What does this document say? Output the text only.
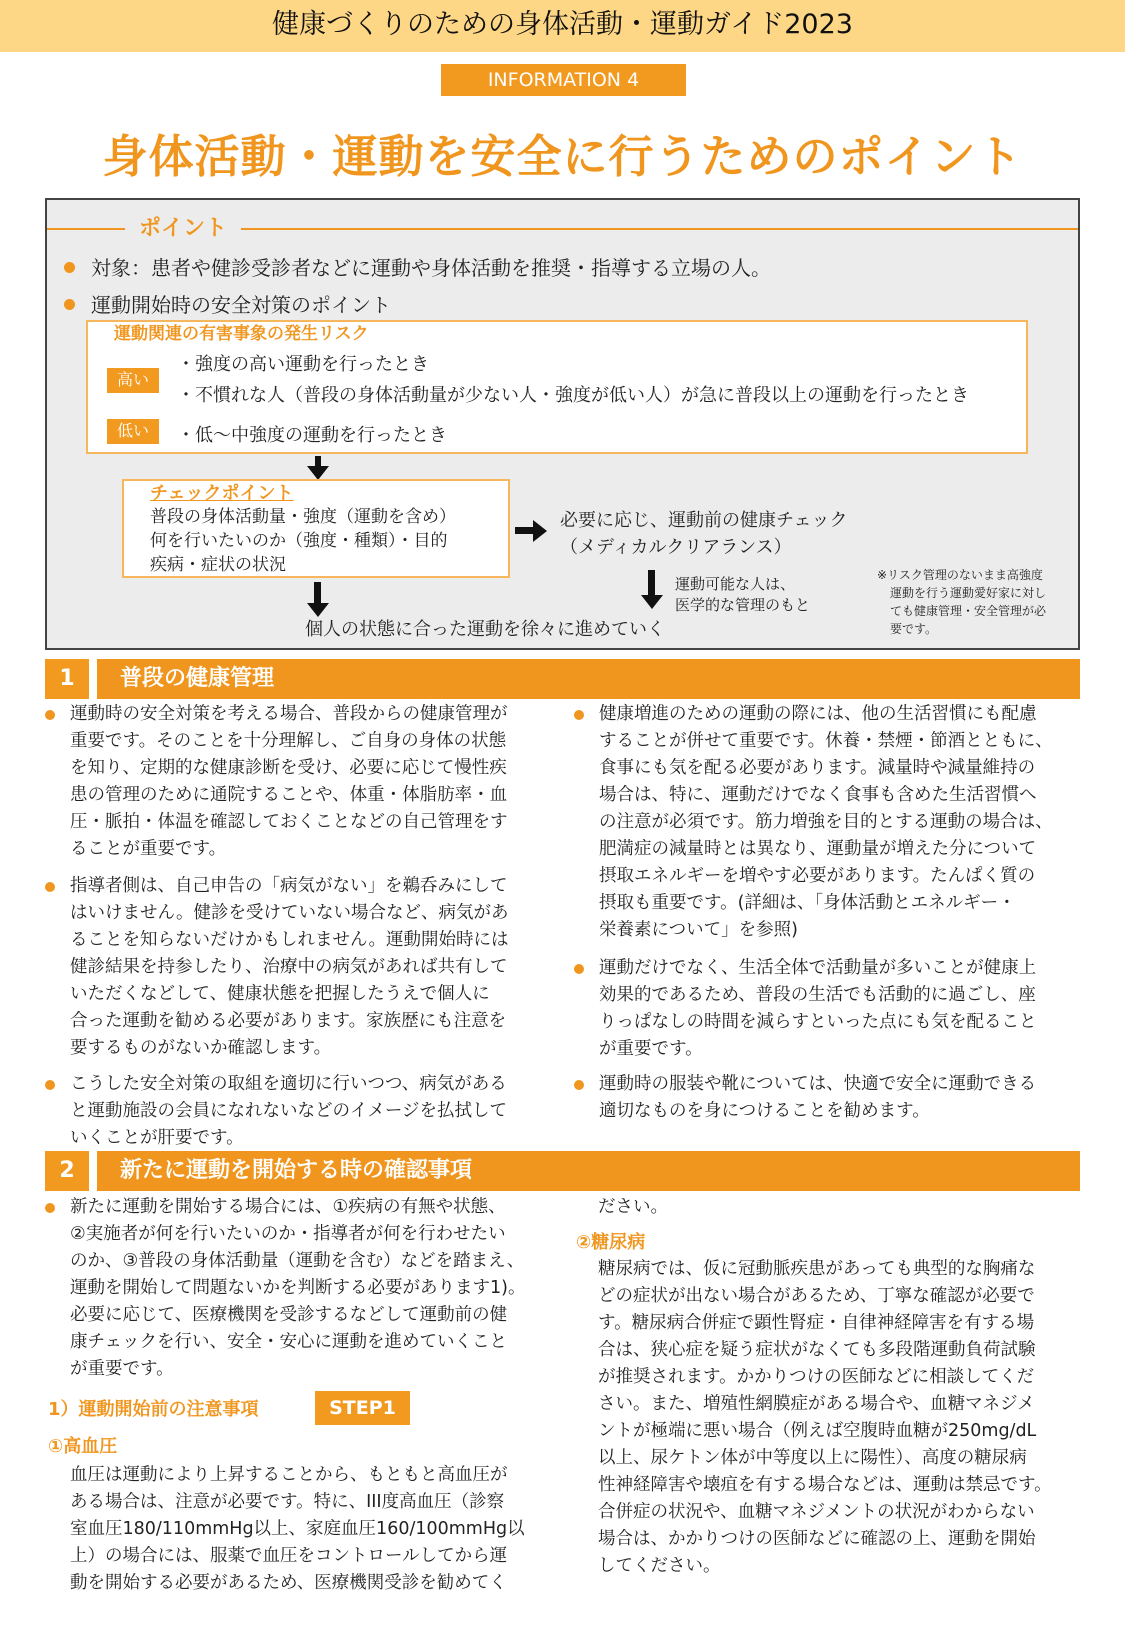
健康づくりのための身体活動・運動ガイド2023
INFORMATION 4
身体活動・運動を安全に行うためのポイント
ポイント
対象：患者や健診受診者などに運動や身体活動を推奨・指導する立場の人。
運動開始時の安全対策のポイント
運動関連の有害事象の発生リスク
高い
・強度の高い運動を行ったとき
・不慣れな人（普段の身体活動量が少ない人・強度が低い人）が急に普段以上の運動を行ったとき
低い	・低～中強度の運動を行ったとき
チェックポイント
普段の身体活動量・強度（運動を含め）
何を行いたいのか（強度・種類）・目的
疾病・症状の状況
必要に応じ、運動前の健康チェック
（メディカルクリアランス）
運動可能な人は、
医学的な管理のもと
個人の状態に合った運動を徐々に進めていく
※リスク管理のないまま高強度
運動を行う運動愛好家に対し
ても健康管理・安全管理が必
要です。
1	普段の健康管理
運動時の安全対策を考える場合、普段からの健康管理が
重要です。そのことを十分理解し、ご自身の身体の状態
を知り、定期的な健康診断を受け、必要に応じて慢性疾
患の管理のために通院することや、体重・体脂肪率・血
圧・脈拍・体温を確認しておくことなどの自己管理をす
ることが重要です。
指導者側は、自己申告の「病気がない」を鵜呑みにして
はいけません。健診を受けていない場合など、病気があ
ることを知らないだけかもしれません。運動開始時には
健診結果を持参したり、治療中の病気があれば共有して
いただくなどして、健康状態を把握したうえで個人に
合った運動を勧める必要があります。家族歴にも注意を
要するものがないか確認します。
こうした安全対策の取組を適切に行いつつ、病気がある
と運動施設の会員になれないなどのイメージを払拭して
いくことが肝要です。
健康増進のための運動の際には、他の生活習慣にも配慮
することが併せて重要です。休養・禁煙・節酒とともに、
食事にも気を配る必要があります。減量時や減量維持の
場合は、特に、運動だけでなく食事も含めた生活習慣へ
の注意が必須です。筋力増強を目的とする運動の場合は、
肥満症の減量時とは異なり、運動量が増えた分について
摂取エネルギーを増やす必要があります。たんぱく質の
摂取も重要です。(詳細は、「身体活動とエネルギー・
栄養素について」を参照)
運動だけでなく、生活全体で活動量が多いことが健康上
効果的であるため、普段の生活でも活動的に過ごし、座
りっぱなしの時間を減らすといった点にも気を配ること
が重要です。
運動時の服装や靴については、快適で安全に運動できる
適切なものを身につけることを勧めます。
2	新たに運動を開始する時の確認事項
新たに運動を開始する場合には、①疾病の有無や状態、
②実施者が何を行いたいのか・指導者が何を行わせたい
のか、③普段の身体活動量（運動を含む）などを踏まえ、
運動を開始して問題ないかを判断する必要があります1)。
必要に応じて、医療機関を受診するなどして運動前の健
康チェックを行い、安全・安心に運動を進めていくこと
が重要です。
1）運動開始前の注意事項	STEP1
①高血圧
血圧は運動により上昇することから、もともと高血圧が
ある場合は、注意が必要です。特に、III度高血圧（診察
室血圧180/110mmHg以上、家庭血圧160/100mmHg以
上）の場合には、服薬で血圧をコントロールしてから運
動を開始する必要があるため、医療機関受診を勧めてく
ださい。
②糖尿病
糖尿病では、仮に冠動脈疾患があっても典型的な胸痛な
どの症状が出ない場合があるため、丁寧な確認が必要で
す。糖尿病合併症で顕性腎症・自律神経障害を有する場
合は、狭心症を疑う症状がなくても多段階運動負荷試験
が推奨されます。かかりつけの医師などに相談してくだ
さい。また、増殖性網膜症がある場合や、血糖マネジメ
ントが極端に悪い場合（例えば空腹時血糖が250mg/dL
以上、尿ケトン体が中等度以上に陽性）、高度の糖尿病
性神経障害や壊疽を有する場合などは、運動は禁忌です。
合併症の状況や、血糖マネジメントの状況がわからない
場合は、かかりつけの医師などに確認の上、運動を開始
してください。
